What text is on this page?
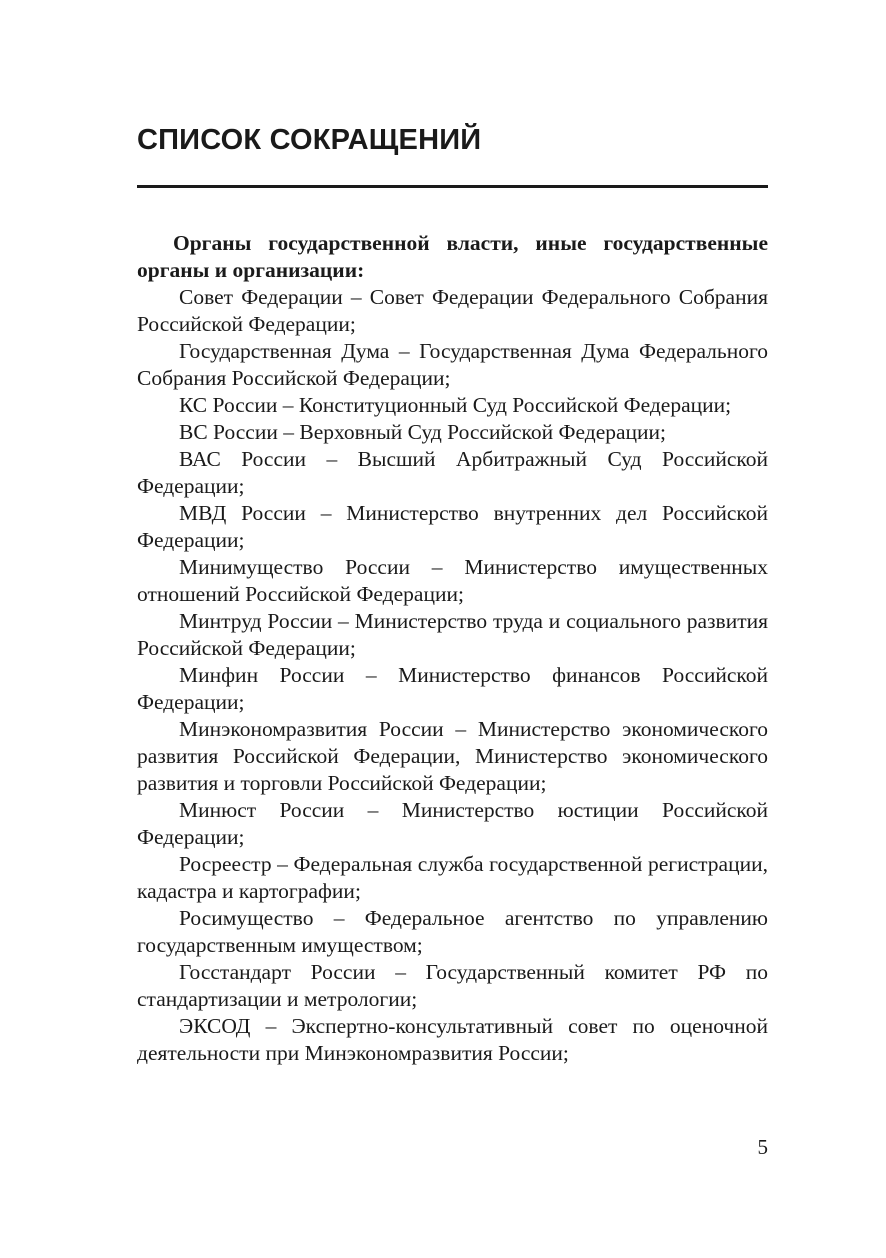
СПИСОК СОКРАЩЕНИЙ

Органы государственной власти, иные государственные органы и организации:

Совет Федерации – Совет Федерации Федерального Собрания Российской Федерации;
Государственная Дума – Государственная Дума Федерального Собрания Российской Федерации;
КС России – Конституционный Суд Российской Федерации;
ВС России – Верховный Суд Российской Федерации;
ВАС России – Высший Арбитражный Суд Российской Федерации;
МВД России – Министерство внутренних дел Российской Федерации;
Минимущество России – Министерство имущественных отношений Российской Федерации;
Минтруд России – Министерство труда и социального развития Российской Федерации;
Минфин России – Министерство финансов Российской Федерации;
Минэкономразвития России – Министерство экономического развития Российской Федерации, Министерство экономического развития и торговли Российской Федерации;
Минюст России – Министерство юстиции Российской Федерации;
Росреестр – Федеральная служба государственной регистрации, кадастра и картографии;
Росимущество – Федеральное агентство по управлению государственным имуществом;
Госстандарт России – Государственный комитет РФ по стандартизации и метрологии;
ЭКСОД – Экспертно-консультативный совет по оценочной деятельности при Минэкономразвития России;
5
